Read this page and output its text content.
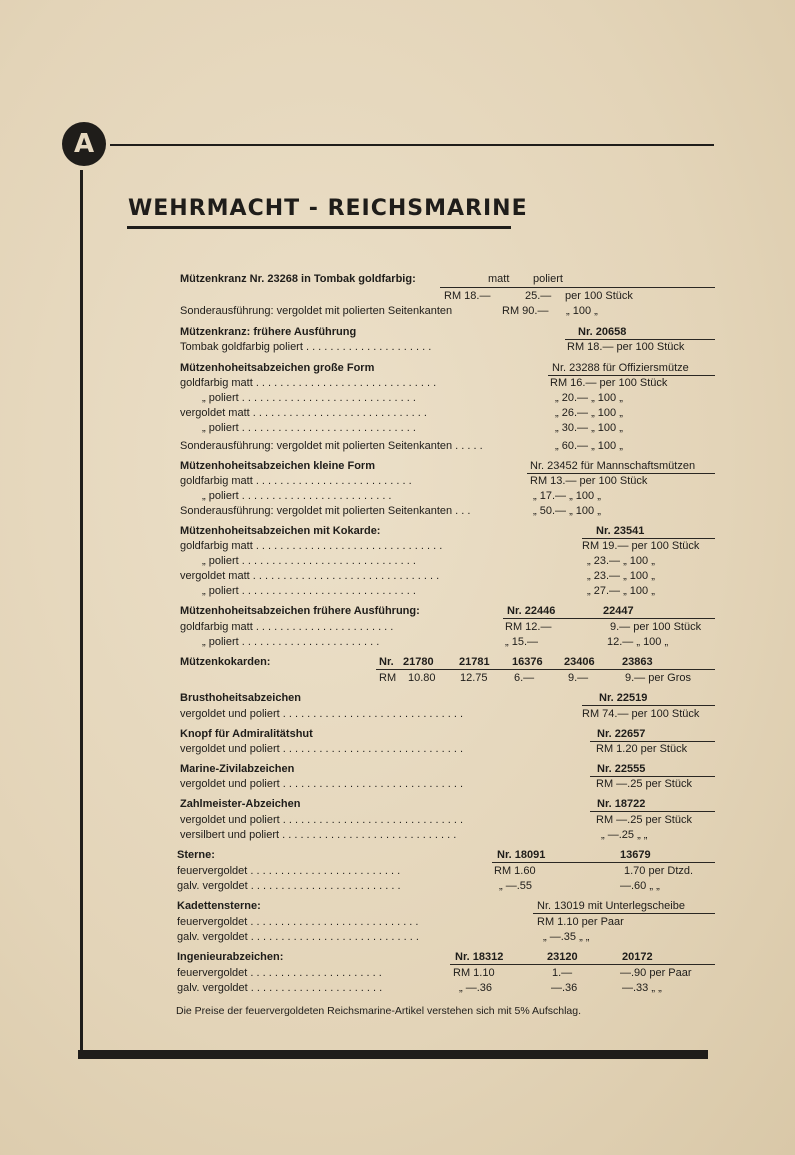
A
WEHRMACHT - REICHSMARINE
Mützenkranz Nr. 23268 in Tombak goldfarbig:	matt poliert
RM 18.—	25.— per 100 Stück
Sonderausführung: vergoldet mit polierten Seitenkanten	RM 90.— „ 100 „
Mützenkranz: frühere Ausführung	Nr. 20658
Tombak goldfarbig poliert . . . . . . . . . . . . . . . . . . . . .	RM 18.— per 100 Stück
Mützenhoheitsabzeichen große Form	Nr. 23288 für Offiziersmütze
goldfarbig matt . . . . . . . . . . . . . . . . . . . . . . . . . . . . . .	RM 16.— per 100 Stück
„ poliert . . . . . . . . . . . . . . . . . . . . . . . . . . . . .	„ 20.— „ 100 „
vergoldet matt . . . . . . . . . . . . . . . . . . . . . . . . . . . . .	„ 26.— „ 100 „
„ poliert . . . . . . . . . . . . . . . . . . . . . . . . . . . . .	„ 30.— „ 100 „
Sonderausführung: vergoldet mit polierten Seitenkanten . . . . .	„ 60.— „ 100 „
Mützenhoheitsabzeichen kleine Form	Nr. 23452 für Mannschaftsmützen
goldfarbig matt . . . . . . . . . . . . . . . . . . . . . . . . . .	RM 13.— per 100 Stück
„ poliert . . . . . . . . . . . . . . . . . . . . . . . . .	„ 17.— „ 100 „
Sonderausführung: vergoldet mit polierten Seitenkanten . . .	„ 50.— „ 100 „
Mützenhoheitsabzeichen mit Kokarde:	Nr. 23541
goldfarbig matt . . . . . . . . . . . . . . . . . . . . . . . . . . . . . . .	RM 19.— per 100 Stück
„ poliert . . . . . . . . . . . . . . . . . . . . . . . . . . . . .	„ 23.— „ 100 „
vergoldet matt . . . . . . . . . . . . . . . . . . . . . . . . . . . . . . .	„ 23.— „ 100 „
„ poliert . . . . . . . . . . . . . . . . . . . . . . . . . . . . .	„ 27.— „ 100 „
Mützenhoheitsabzeichen frühere Ausführung:	Nr. 22446	22447
goldfarbig matt . . . . . . . . . . . . . . . . . . . . . . .	RM 12.—	9.— per 100 Stück
„ poliert . . . . . . . . . . . . . . . . . . . . . . .	„ 15.—	12.— „ 100 „
Mützenkokarden:	Nr. 21780 21781 16376 23406 23863
RM 10.80 12.75 6.—	9.—	9.— per Gros
Brusthoheitsabzeichen	Nr. 22519
vergoldet und poliert . . . . . . . . . . . . . . . . . . . . . . . . . . . . . .	RM 74.— per 100 Stück
Knopf für Admiralitätshut	Nr. 22657
vergoldet und poliert . . . . . . . . . . . . . . . . . . . . . . . . . . . . . .	RM 1.20 per Stück
Marine-Zivilabzeichen	Nr. 22555
vergoldet und poliert . . . . . . . . . . . . . . . . . . . . . . . . . . . . . .	RM —.25 per Stück
Zahlmeister-Abzeichen	Nr. 18722
vergoldet und poliert . . . . . . . . . . . . . . . . . . . . . . . . . . . . . .	RM —.25 per Stück
versilbert und poliert . . . . . . . . . . . . . . . . . . . . . . . . . . . . .	„ —.25 „ „
Sterne:	Nr. 18091	13679
feuervergoldet . . . . . . . . . . . . . . . . . . . . . . . . .	RM 1.60	1.70 per Dtzd.
galv. vergoldet . . . . . . . . . . . . . . . . . . . . . . . . .	„ —.55	—.60 „ „
Kadettensterne:	Nr. 13019 mit Unterlegscheibe
feuervergoldet . . . . . . . . . . . . . . . . . . . . . . . . . . . .	RM 1.10 per Paar
galv. vergoldet . . . . . . . . . . . . . . . . . . . . . . . . . . . .	„ —.35 „ „
Ingenieurabzeichen:	Nr. 18312	23120	20172
feuervergoldet . . . . . . . . . . . . . . . . . . . . . .	RM 1.10	1.—	—.90 per Paar
galv. vergoldet . . . . . . . . . . . . . . . . . . . . . .	„ —.36	—.36	—.33 „ „
Die Preise der feuervergoldeten Reichsmarine-Artikel verstehen sich mit 5% Aufschlag.
